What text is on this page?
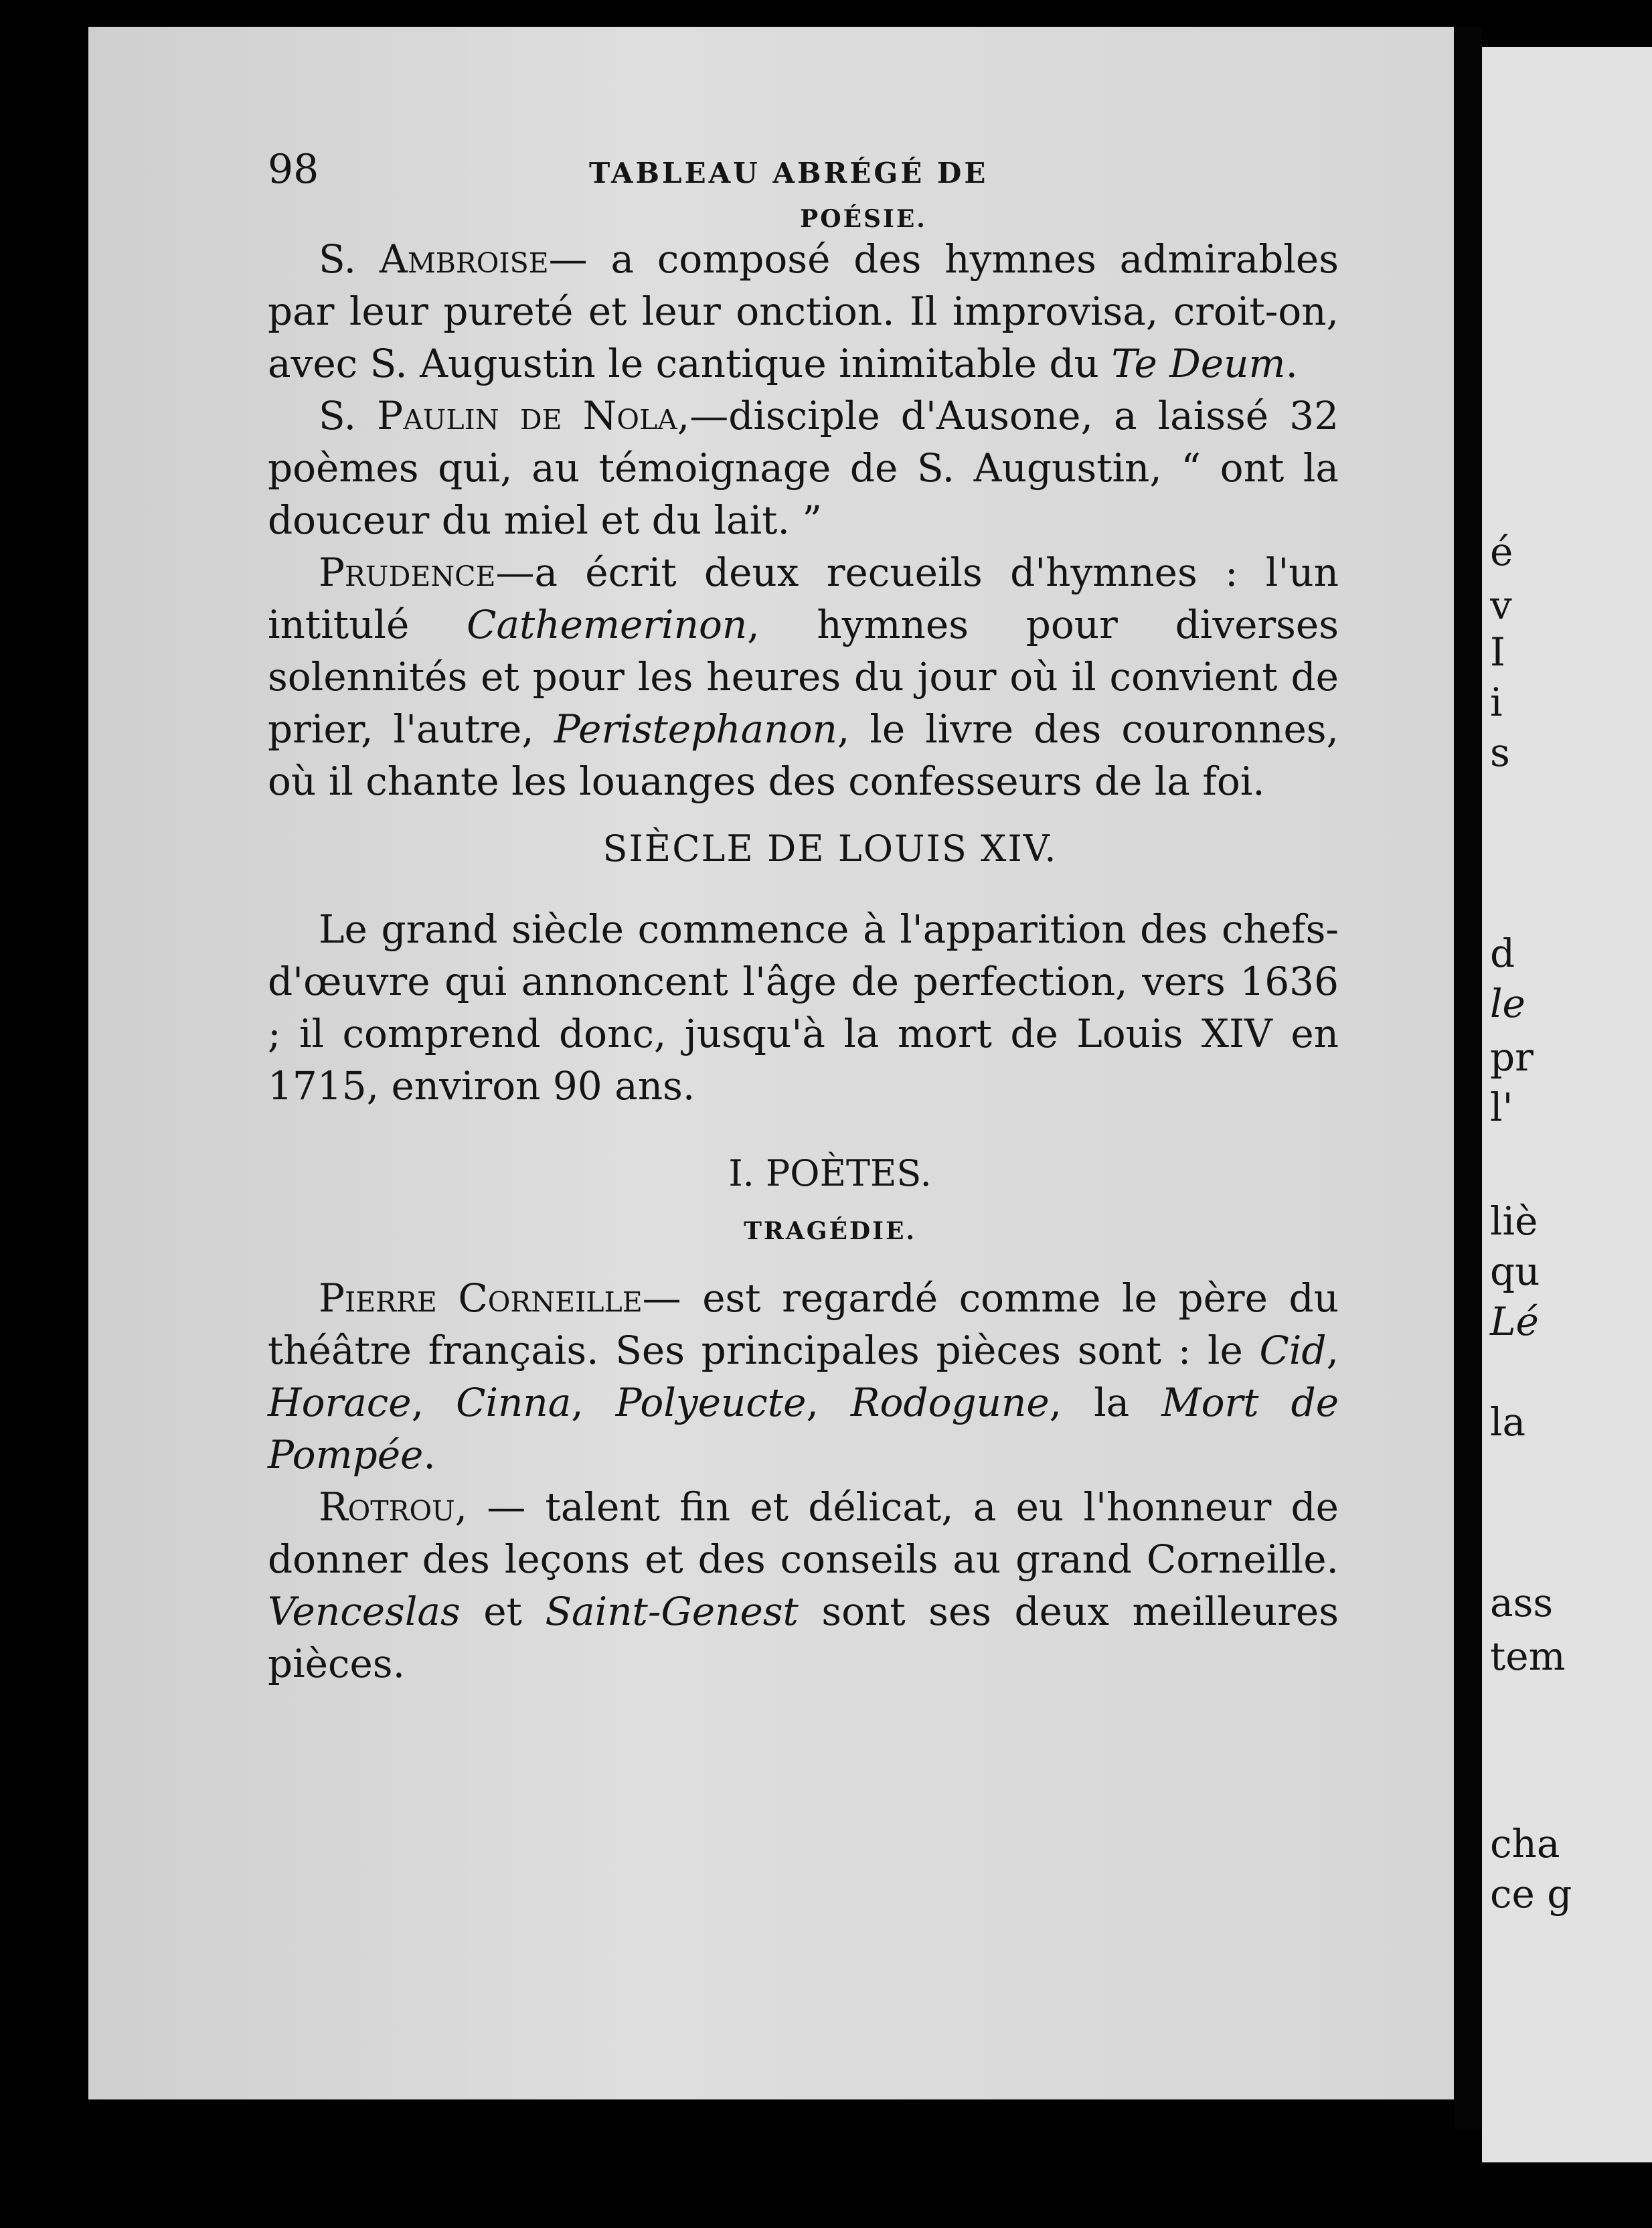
é
v
I
i
s
d
le
pr
l'
liè
qu
Lé
la
ass
tem
cha
ce g
98	TABLEAU ABRÉGÉ DE
POÉSIE.

S. Ambroise— a composé des hymnes admirables par leur pureté et leur onction. Il improvisa, croit-on, avec S. Augustin le cantique inimitable du Te Deum.

S. Paulin de Nola,—disciple d'Ausone, a laissé 32 poèmes qui, au témoignage de S. Augustin, “ ont la douceur du miel et du lait. ”

Prudence—a écrit deux recueils d'hymnes : l'un intitulé Cathemerinon, hymnes pour diverses solennités et pour les heures du jour où il convient de prier, l'autre, Peristephanon, le livre des couronnes, où il chante les louanges des confesseurs de la foi.

SIÈCLE DE LOUIS XIV.

Le grand siècle commence à l'apparition des chefs-d'œuvre qui annoncent l'âge de perfection, vers 1636 ; il comprend donc, jusqu'à la mort de Louis XIV en 1715, environ 90 ans.

I. POÈTES.
TRAGÉDIE.

Pierre Corneille— est regardé comme le père du théâtre français. Ses principales pièces sont : le Cid, Horace, Cinna, Polyeucte, Rodogune, la Mort de Pompée.

Rotrou, — talent fin et délicat, a eu l'honneur de donner des leçons et des conseils au grand Corneille. Venceslas et Saint-Genest sont ses deux meilleures pièces.
